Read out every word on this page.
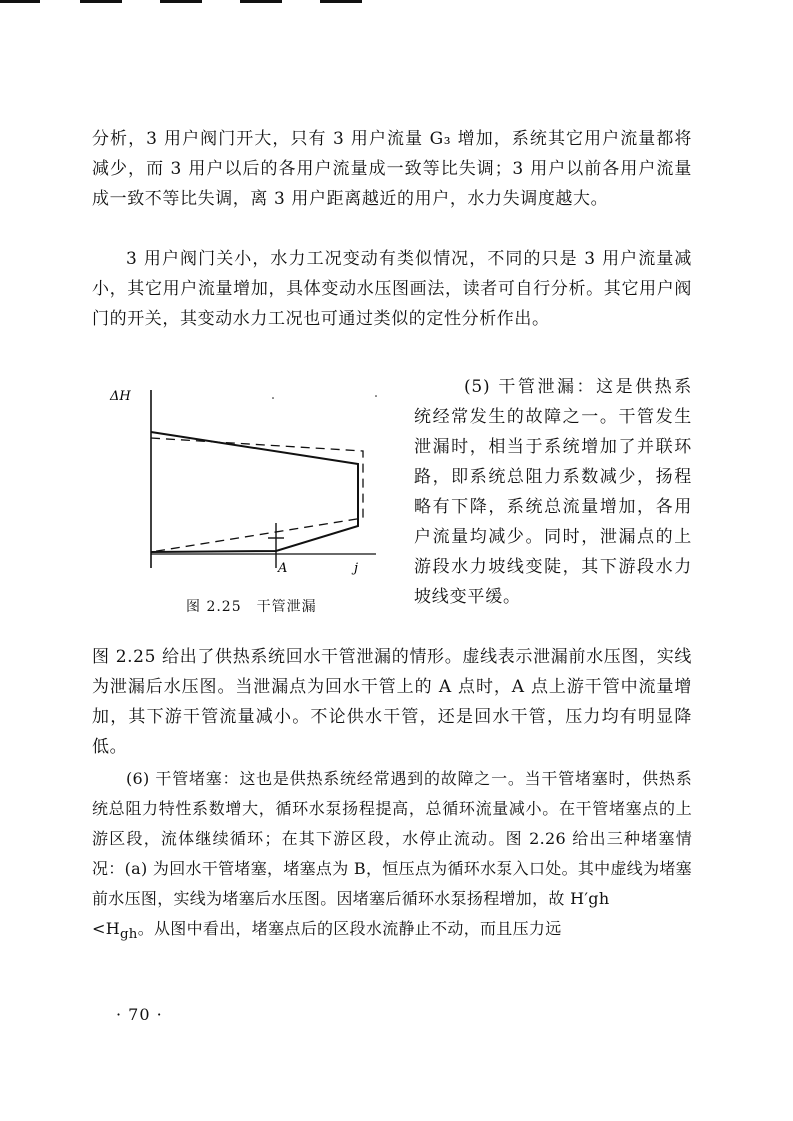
分析，3 用户阀门开大，只有 3 用户流量 G₃ 增加，系统其它用户流量都将减少，而 3 用户以后的各用户流量成一致等比失调；3 用户以前各用户流量成一致不等比失调，离 3 用户距离越近的用户，水力失调度越大。

3 用户阀门关小，水力工况变动有类似情况，不同的只是 3 用户流量减小，其它用户流量增加，具体变动水压图画法，读者可自行分析。其它用户阀门的开关，其变动水力工况也可通过类似的定性分析作出。

ΔH
A	j
图 2.25　干管泄漏

(5) 干管泄漏：这是供热系统经常发生的故障之一。干管发生泄漏时，相当于系统增加了并联环路，即系统总阻力系数减少，扬程略有下降，系统总流量增加，各用户流量均减少。同时，泄漏点的上游段水力坡线变陡，其下游段水力坡线变平缓。

图 2.25 给出了供热系统回水干管泄漏的情形。虚线表示泄漏前水压图，实线为泄漏后水压图。当泄漏点为回水干管上的 A 点时，A 点上游干管中流量增加，其下游干管流量减小。不论供水干管，还是回水干管，压力均有明显降低。

(6) 干管堵塞：这也是供热系统经常遇到的故障之一。当干管堵塞时，供热系统总阻力特性系数增大，循环水泵扬程提高，总循环流量减小。在干管堵塞点的上游区段，流体继续循环；在其下游区段，水停止流动。图 2.26 给出三种堵塞情况：(a) 为回水干管堵塞，堵塞点为 B，恒压点为循环水泵入口处。其中虚线为堵塞前水压图，实线为堵塞后水压图。因堵塞后循环水泵扬程增加，故 H′gh
$<H_{gh}$。从图中看出，堵塞点后的区段水流静止不动，而且压力远

· 70 ·
